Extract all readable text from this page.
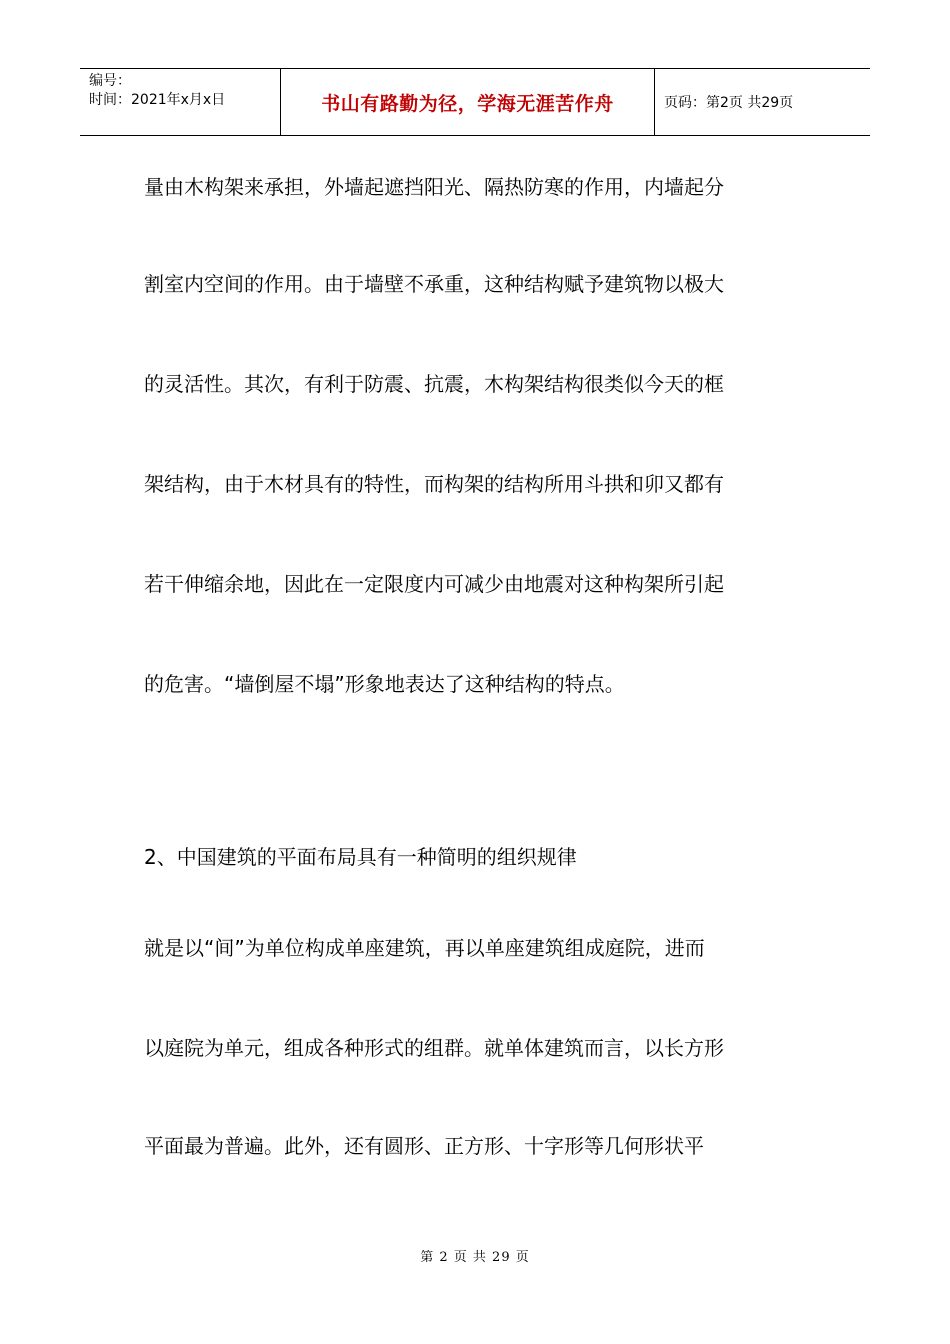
编号：
时间：2021年x月x日	书山有路勤为径，学海无涯苦作舟	页码：第2页 共29页
量由木构架来承担，外墙起遮挡阳光、隔热防寒的作用，内墙起分
割室内空间的作用。由于墙壁不承重，这种结构赋予建筑物以极大
的灵活性。其次，有利于防震、抗震，木构架结构很类似今天的框
架结构，由于木材具有的特性，而构架的结构所用斗拱和卯又都有
若干伸缩余地，因此在一定限度内可减少由地震对这种构架所引起
的危害。“墙倒屋不塌”形象地表达了这种结构的特点。
2、中国建筑的平面布局具有一种简明的组织规律
就是以“间”为单位构成单座建筑，再以单座建筑组成庭院，进而
以庭院为单元，组成各种形式的组群。就单体建筑而言，以长方形
平面最为普遍。此外，还有圆形、正方形、十字形等几何形状平
第 2 页 共 29 页
